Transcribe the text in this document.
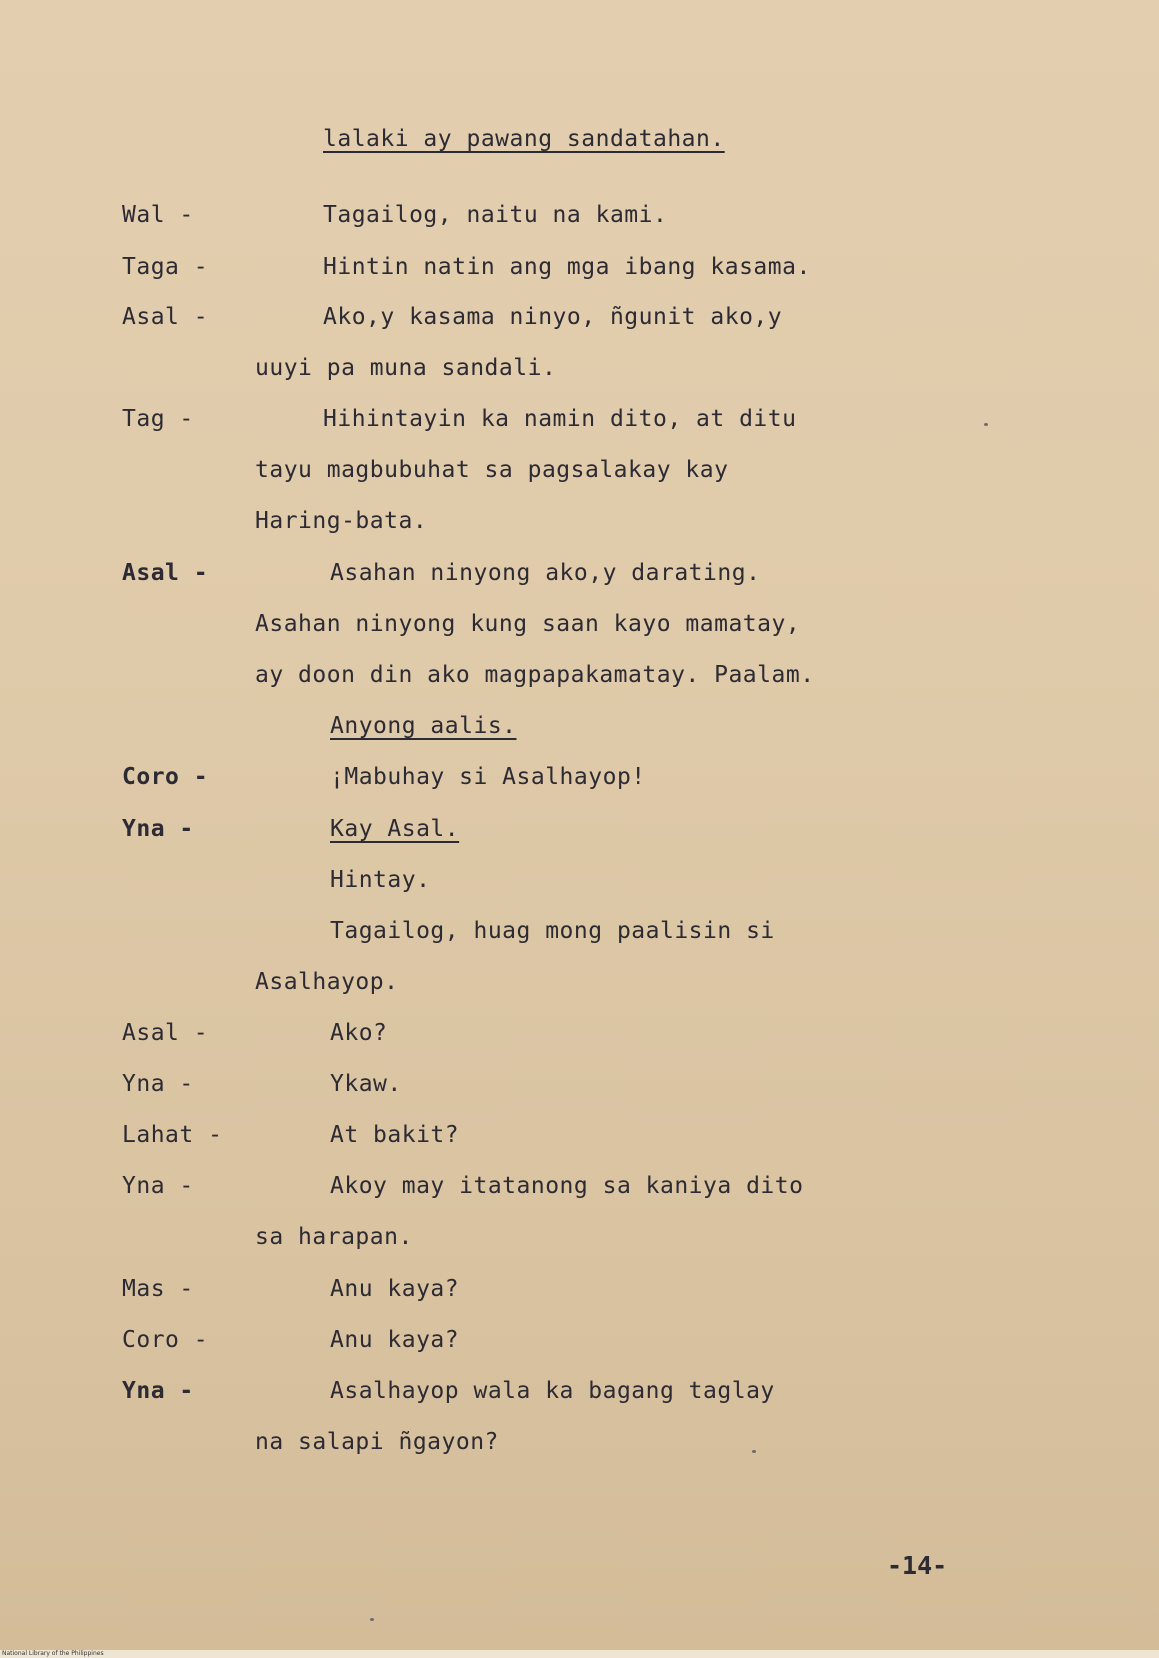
lalaki ay pawang sandatahan.
Wal -	Tagailog, naitu na kami.
Taga -	Hintin natin ang mga ibang kasama.
Asal -	Ako,y kasama ninyo, ñgunit ako,y
uuyi pa muna sandali.
Tag -	Hihintayin ka namin dito, at ditu
tayu magbubuhat sa pagsalakay kay
Haring-bata.
Asal -	Asahan ninyong ako,y darating.
Asahan ninyong kung saan kayo mamatay,
ay doon din ako magpapakamatay. Paalam.
Anyong aalis.
Coro -	¡Mabuhay si Asalhayop!
Yna -	Kay Asal.
Hintay.
Tagailog, huag mong paalisin si
Asalhayop.
Asal -	Ako?
Yna -	Ykaw.
Lahat -	At bakit?
Yna -	Akoy may itatanong sa kaniya dito
sa harapan.
Mas -	Anu kaya?
Coro -	Anu kaya?
Yna -	Asalhayop wala ka bagang taglay
na salapi ñgayon?
-14-
National Library of the Philippines
